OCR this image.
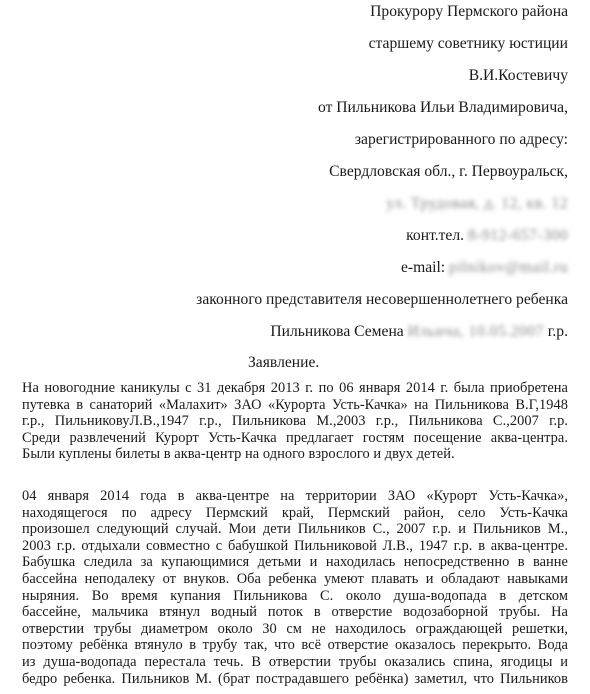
Прокурору Пермского района
старшему советнику юстиции
В.И.Костевичу
от Пильникова Ильи Владимировича,
зарегистрированного по адресу:
Свердловская обл., г. Первоуральск,
ул. Трудовая, д. 12, кв. 12
конт.тел. 8-912-657-300
e-mail: pilnikov@mail.ru
законного представителя несовершеннолетнего ребенка
Пильникова Семена Ильича, 10.05.2007 г.р.
Заявление.
На новогодние каникулы с 31 декабря 2013 г. по 06 января 2014 г. была приобретена
путевка в санаторий «Малахит» ЗАО «Курорта Усть-Качка» на Пильникова В.Г,1948
г.р., ПильниковуЛ.В.,1947 г.р., Пильникова М.,2003 г.р., Пильникова С.,2007 г.р.
Среди развлечений Курорт Усть-Качка предлагает гостям посещение аква-центра.
Были куплены билеты в аква-центр на одного взрослого и двух детей.
04 января 2014 года в аква-центре на территории ЗАО «Курорт Усть-Качка»,
находящегося по адресу Пермский край, Пермский район, село Усть-Качка
произошел следующий случай. Мои дети Пильников С., 2007 г.р. и Пильников М.,
2003 г.р. отдыхали совместно с бабушкой Пильниковой Л.В., 1947 г.р. в аква-центре.
Бабушка следила за купающимися детьми и находилась непосредственно в ванне
бассейна неподалеку от внуков. Оба ребенка умеют плавать и обладают навыками
ныряния. Во время купания Пильникова С. около душа-водопада в детском
бассейне, мальчика втянул водный поток в отверстие водозаборной трубы. На
отверстии трубы диаметром около 30 см не находилось ограждающей решетки,
поэтому ребёнка втянуло в трубу так, что всё отверстие оказалось перекрыто. Вода
из душа-водопада перестала течь. В отверстии трубы оказались спина, ягодицы и
бедро ребенка. Пильников М. (брат пострадавшего ребёнка) заметил, что Пильников
